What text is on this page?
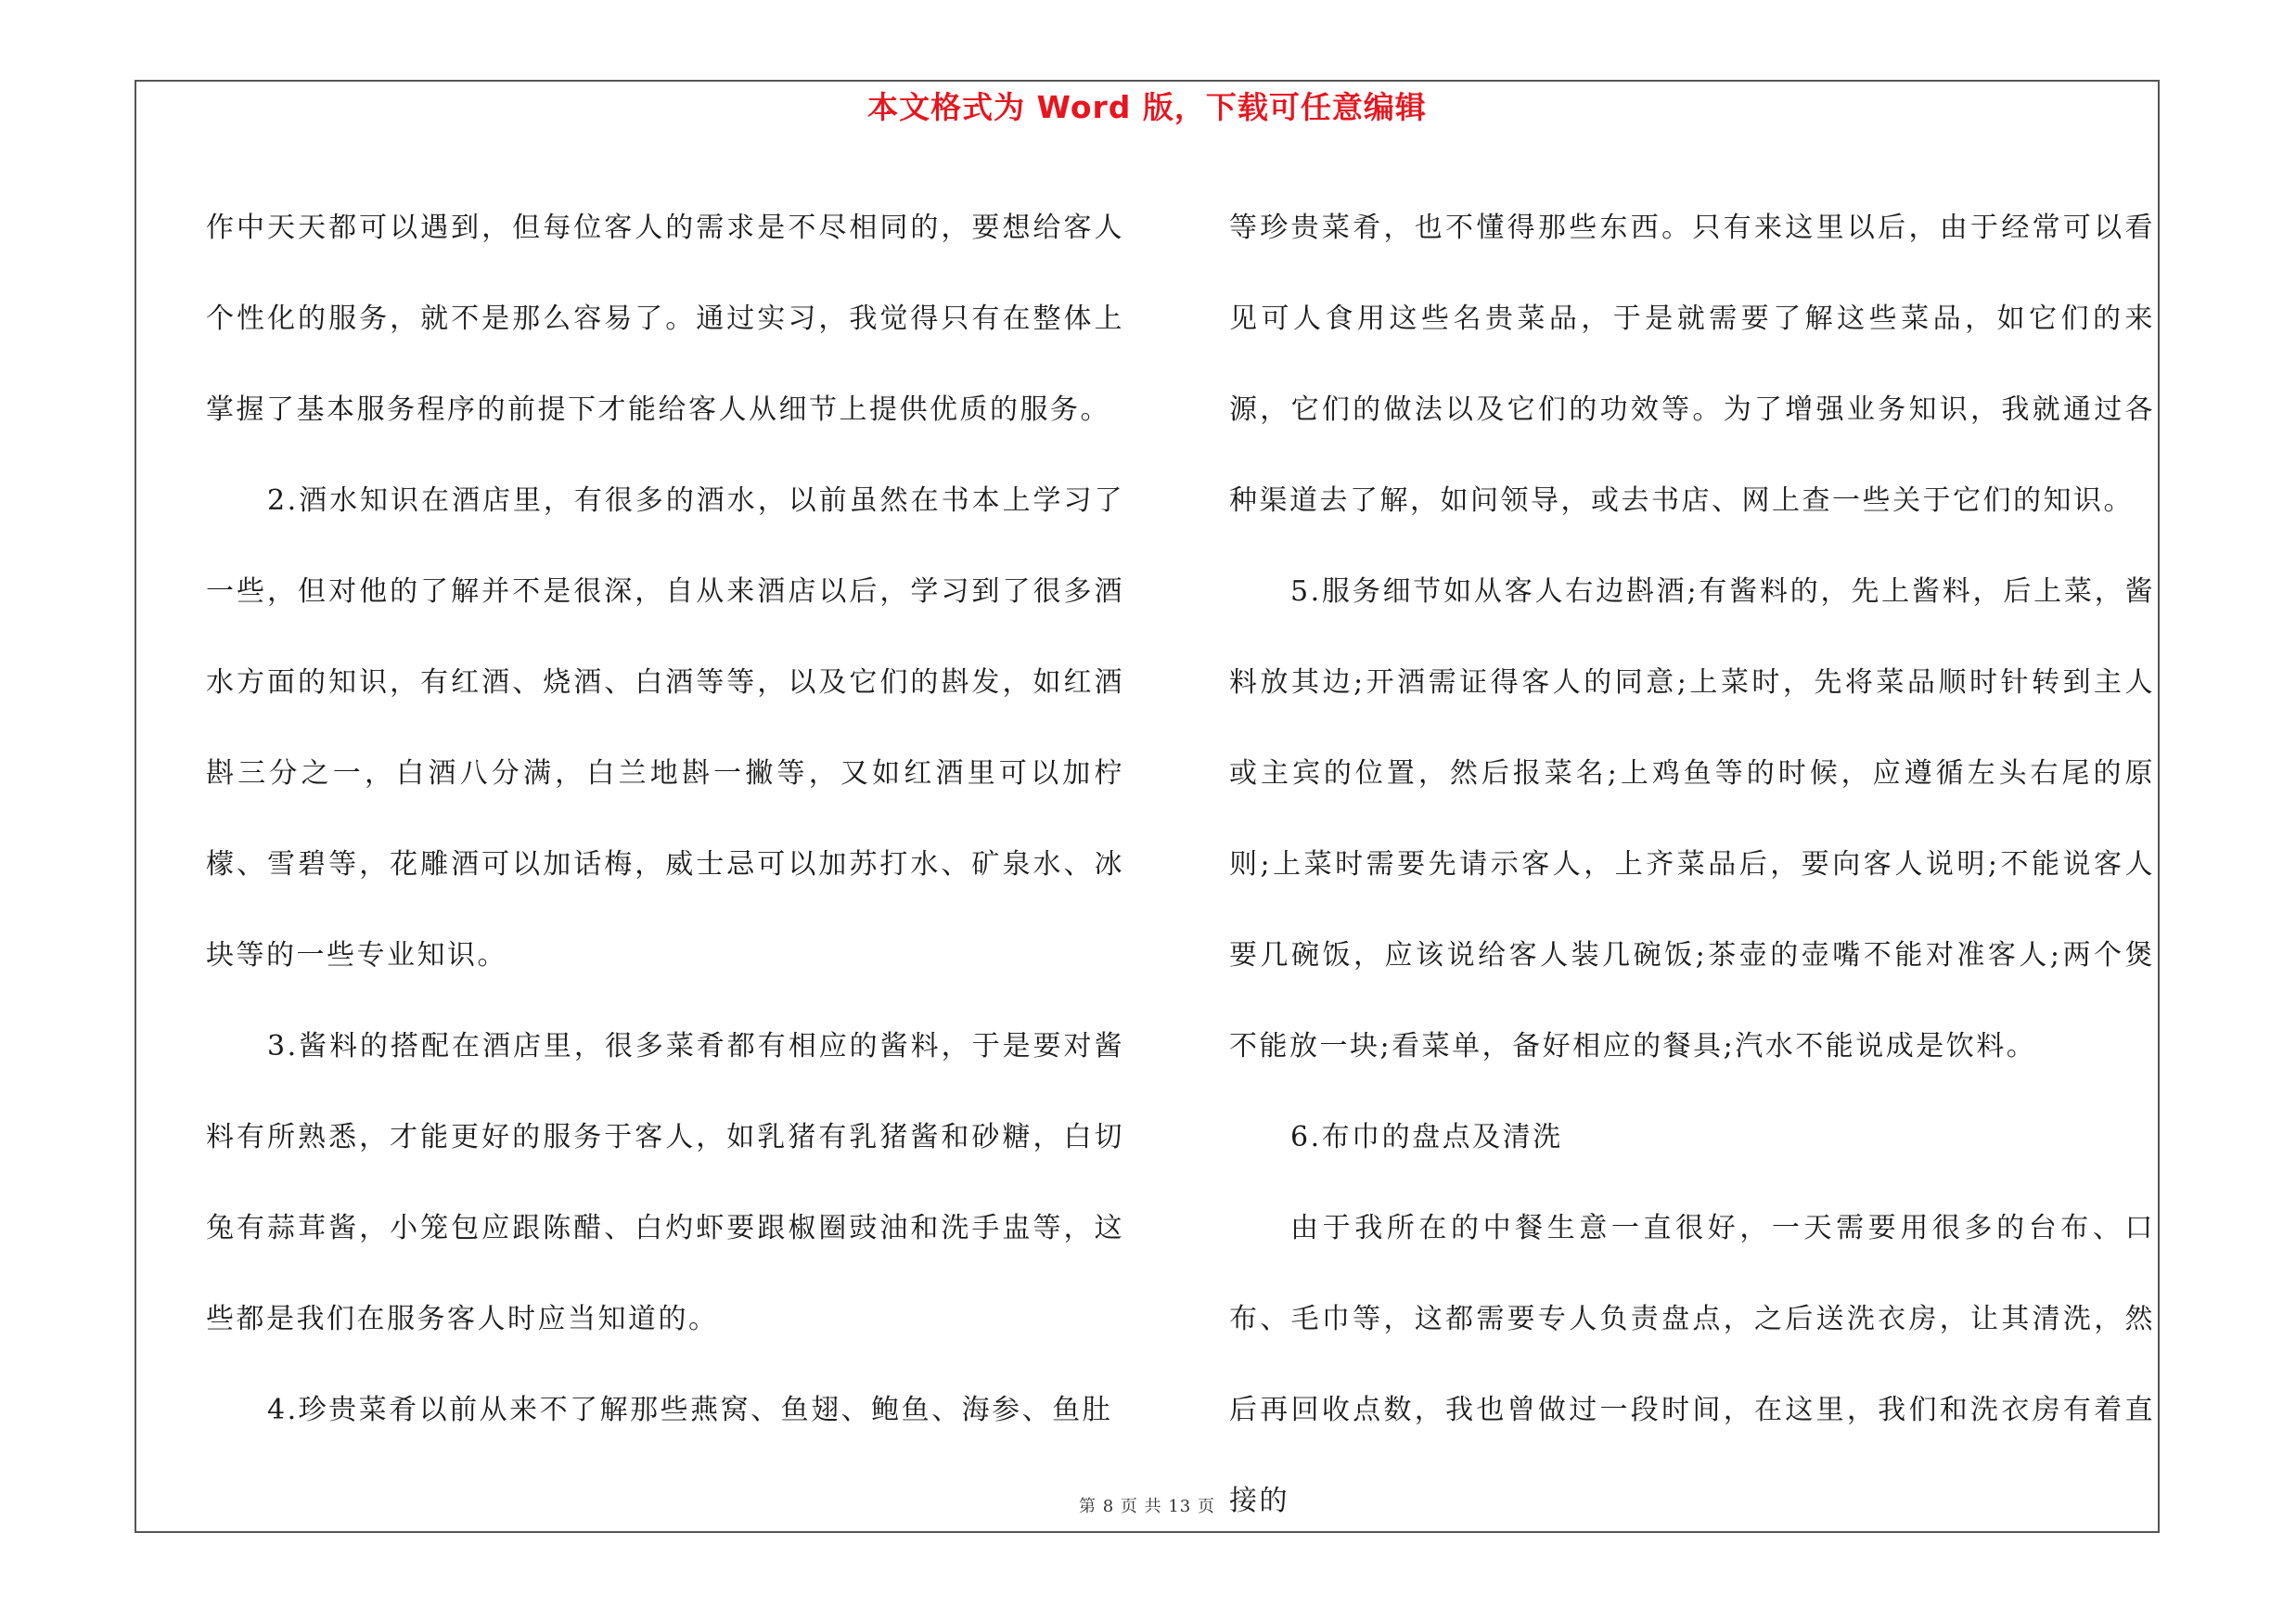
本文格式为 Word 版，下载可任意编辑

作中天天都可以遇到，但每位客人的需求是不尽相同的，要想给客人个性化的服务，就不是那么容易了。通过实习，我觉得只有在整体上掌握了基本服务程序的前提下才能给客人从细节上提供优质的服务。

2.酒水知识在酒店里，有很多的酒水，以前虽然在书本上学习了一些，但对他的了解并不是很深，自从来酒店以后，学习到了很多酒水方面的知识，有红酒、烧酒、白酒等等，以及它们的斟发，如红酒斟三分之一，白酒八分满，白兰地斟一撇等，又如红酒里可以加柠檬、雪碧等，花雕酒可以加话梅，威士忌可以加苏打水、矿泉水、冰块等的一些专业知识。

3.酱料的搭配在酒店里，很多菜肴都有相应的酱料，于是要对酱料有所熟悉，才能更好的服务于客人，如乳猪有乳猪酱和砂糖，白切兔有蒜茸酱，小笼包应跟陈醋、白灼虾要跟椒圈豉油和洗手盅等，这些都是我们在服务客人时应当知道的。

4.珍贵菜肴以前从来不了解那些燕窝、鱼翅、鲍鱼、海参、鱼肚

等珍贵菜肴，也不懂得那些东西。只有来这里以后，由于经常可以看见可人食用这些名贵菜品，于是就需要了解这些菜品，如它们的来源，它们的做法以及它们的功效等。为了增强业务知识，我就通过各种渠道去了解，如问领导，或去书店、网上查一些关于它们的知识。

5.服务细节如从客人右边斟酒;有酱料的，先上酱料，后上菜，酱料放其边;开酒需证得客人的同意;上菜时，先将菜品顺时针转到主人或主宾的位置，然后报菜名;上鸡鱼等的时候，应遵循左头右尾的原则;上菜时需要先请示客人，上齐菜品后，要向客人说明;不能说客人要几碗饭，应该说给客人装几碗饭;茶壶的壶嘴不能对准客人;两个煲不能放一块;看菜单，备好相应的餐具;汽水不能说成是饮料。

6.布巾的盘点及清洗

由于我所在的中餐生意一直很好，一天需要用很多的台布、口布、毛巾等，这都需要专人负责盘点，之后送洗衣房，让其清洗，然后再回收点数，我也曾做过一段时间，在这里，我们和洗衣房有着直接的

第 8 页 共 13 页
